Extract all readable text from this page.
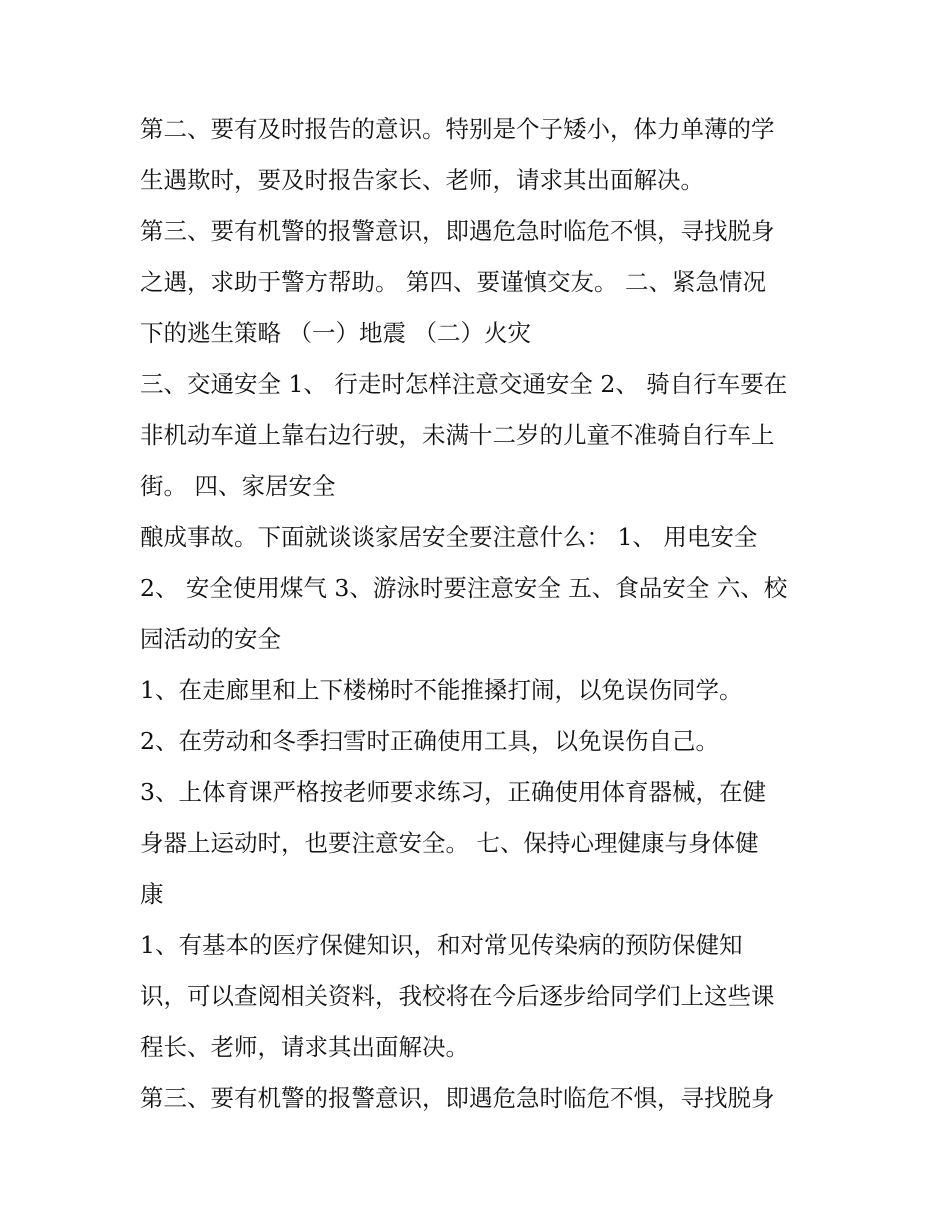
第二、要有及时报告的意识。特别是个子矮小，体力单薄的学
生遇欺时，要及时报告家长、老师，请求其出面解决。
第三、要有机警的报警意识，即遇危急时临危不惧，寻找脱身
之遇，求助于警方帮助。 第四、要谨慎交友。 二、紧急情况
下的逃生策略 （一）地震 （二）火灾
三、交通安全 1、 行走时怎样注意交通安全 2、 骑自行车要在
非机动车道上靠右边行驶，未满十二岁的儿童不准骑自行车上
街。 四、家居安全
酿成事故。下面就谈谈家居安全要注意什么： 1、 用电安全
2、 安全使用煤气 3、游泳时要注意安全 五、食品安全 六、校
园活动的安全
1、在走廊里和上下楼梯时不能推搡打闹，以免误伤同学。
2、在劳动和冬季扫雪时正确使用工具，以免误伤自己。
3、上体育课严格按老师要求练习，正确使用体育器械，在健
身器上运动时，也要注意安全。 七、保持心理健康与身体健
康
1、有基本的医疗保健知识，和对常见传染病的预防保健知
识，可以查阅相关资料，我校将在今后逐步给同学们上这些课
程长、老师，请求其出面解决。
第三、要有机警的报警意识，即遇危急时临危不惧，寻找脱身
